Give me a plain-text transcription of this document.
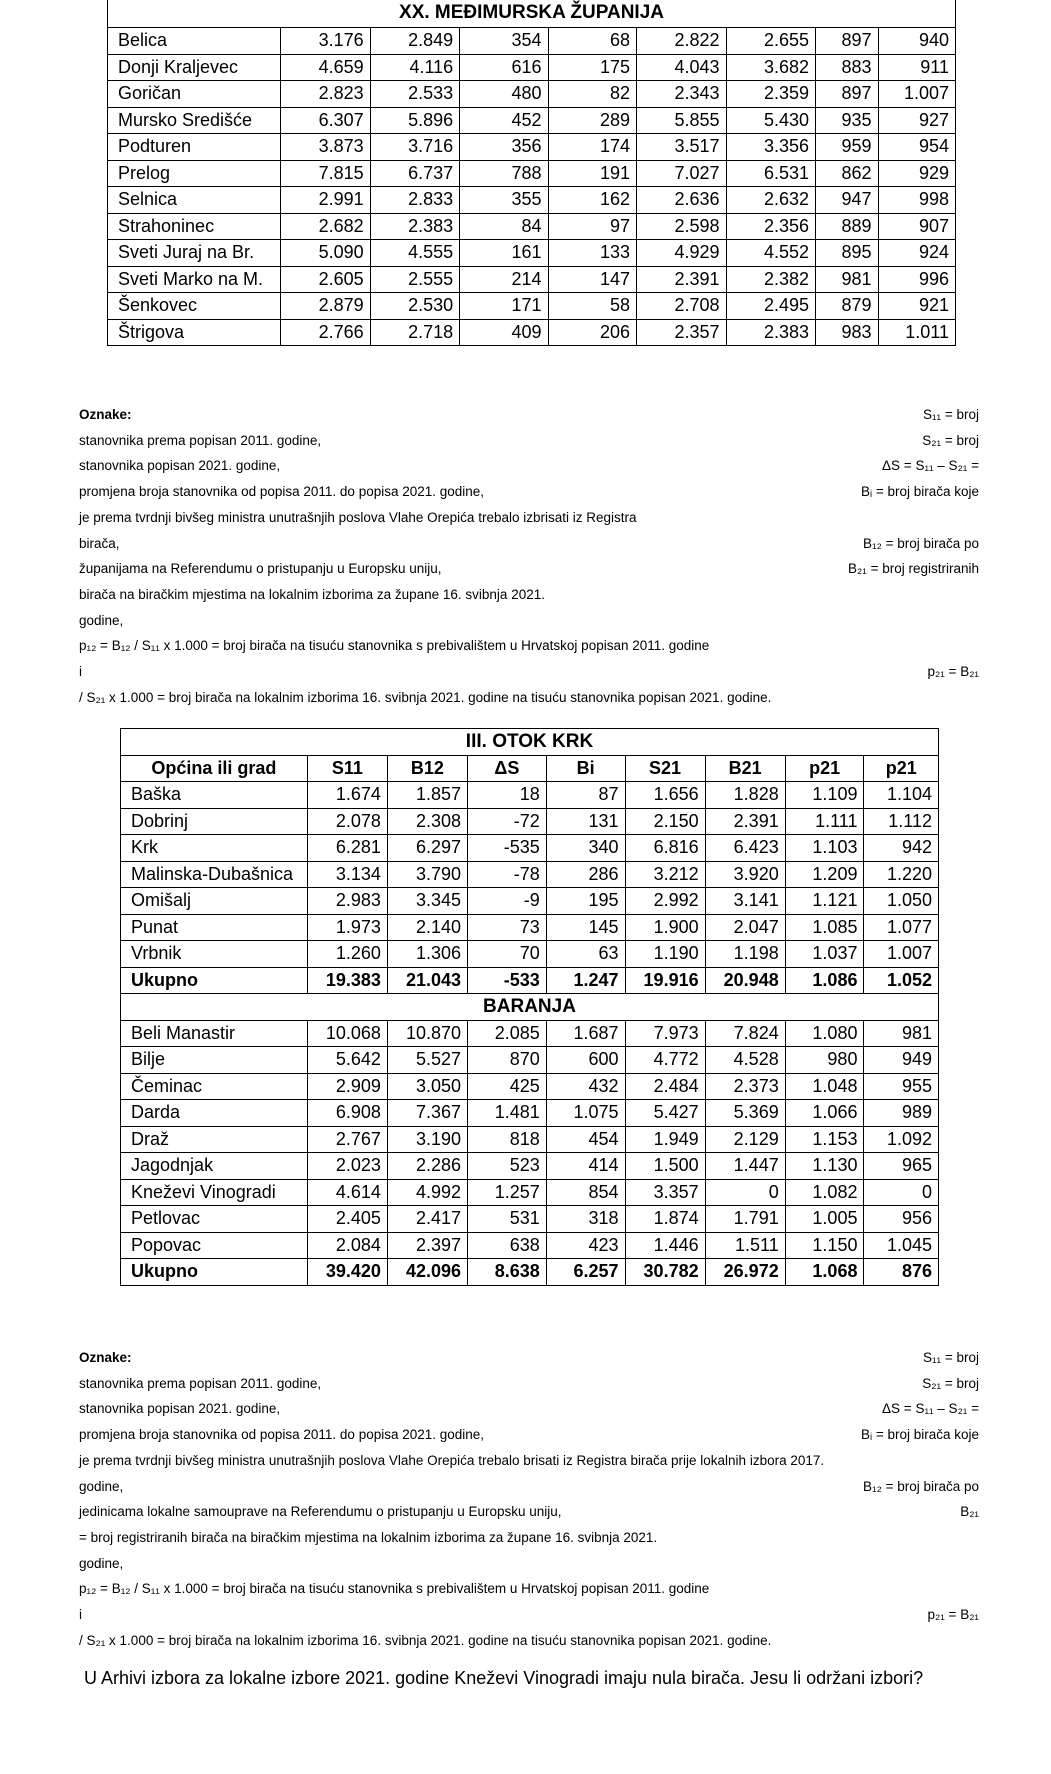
XX. MEĐIMURSKA ŽUPANIJA								
Belica	3.176	2.849	354	68	2.822	2.655	897	940
Donji Kraljevec	4.659	4.116	616	175	4.043	3.682	883	911
Goričan	2.823	2.533	480	82	2.343	2.359	897	1.007
Mursko Središće	6.307	5.896	452	289	5.855	5.430	935	927
Podturen	3.873	3.716	356	174	3.517	3.356	959	954
Prelog	7.815	6.737	788	191	7.027	6.531	862	929
Selnica	2.991	2.833	355	162	2.636	2.632	947	998
Strahoninec	2.682	2.383	84	97	2.598	2.356	889	907
Sveti Juraj na Br.	5.090	4.555	161	133	4.929	4.552	895	924
Sveti Marko na M.	2.605	2.555	214	147	2.391	2.382	981	996
Šenkovec	2.879	2.530	171	58	2.708	2.495	879	921
Štrigova	2.766	2.718	409	206	2.357	2.383	983	1.011
Oznake:	S₁₁ = broj
stanovnika prema popisan 2011. godine,	S₂₁ = broj
stanovnika popisan 2021. godine,	ΔS = S₁₁ – S₂₁ =
promjena broja stanovnika od popisa 2011. do popisa 2021. godine,	Bᵢ = broj birača koje
je prema tvrdnji bivšeg ministra unutrašnjih poslova Vlahe Orepića trebalo izbrisati iz Registra
birača,	B₁₂ = broj birača po
županijama na Referendumu o pristupanju u Europsku uniju,	B₂₁ = broj registriranih
birača na biračkim mjestima na lokalnim izborima za župane 16. svibnja 2021.
godine,
p₁₂ = B₁₂ / S₁₁ x 1.000 = broj birača na tisuću stanovnika s prebivalištem u Hrvatskoj popisan 2011. godine
i	p₂₁ = B₂₁
/ S₂₁ x 1.000 = broj birača na lokalnim izborima 16. svibnja 2021. godine na tisuću stanovnika popisan 2021. godine.
III. OTOK KRK								
Općina ili grad	S11	B12	ΔS	Bi	S21	B21	p21	p21
Baška	1.674	1.857	18	87	1.656	1.828	1.109	1.104
Dobrinj	2.078	2.308	-72	131	2.150	2.391	1.111	1.112
Krk	6.281	6.297	-535	340	6.816	6.423	1.103	942
Malinska-Dubašnica	3.134	3.790	-78	286	3.212	3.920	1.209	1.220
Omišalj	2.983	3.345	-9	195	2.992	3.141	1.121	1.050
Punat	1.973	2.140	73	145	1.900	2.047	1.085	1.077
Vrbnik	1.260	1.306	70	63	1.190	1.198	1.037	1.007
Ukupno	19.383	21.043	-533	1.247	19.916	20.948	1.086	1.052
BARANJA								
Beli Manastir	10.068	10.870	2.085	1.687	7.973	7.824	1.080	981
Bilje	5.642	5.527	870	600	4.772	4.528	980	949
Čeminac	2.909	3.050	425	432	2.484	2.373	1.048	955
Darda	6.908	7.367	1.481	1.075	5.427	5.369	1.066	989
Draž	2.767	3.190	818	454	1.949	2.129	1.153	1.092
Jagodnjak	2.023	2.286	523	414	1.500	1.447	1.130	965
Kneževi Vinogradi	4.614	4.992	1.257	854	3.357	0	1.082	0
Petlovac	2.405	2.417	531	318	1.874	1.791	1.005	956
Popovac	2.084	2.397	638	423	1.446	1.511	1.150	1.045
Ukupno	39.420	42.096	8.638	6.257	30.782	26.972	1.068	876
Oznake:	S₁₁ = broj
stanovnika prema popisan 2011. godine,	S₂₁ = broj
stanovnika popisan 2021. godine,	ΔS = S₁₁ – S₂₁ =
promjena broja stanovnika od popisa 2011. do popisa 2021. godine,	Bᵢ = broj birača koje
je prema tvrdnji bivšeg ministra unutrašnjih poslova Vlahe Orepića trebalo brisati iz Registra birača prije lokalnih izbora 2017.
godine,	B₁₂ = broj birača po
jedinicama lokalne samouprave na Referendumu o pristupanju u Europsku uniju,	B₂₁
= broj registriranih birača na biračkim mjestima na lokalnim izborima za župane 16. svibnja 2021.
godine,
p₁₂ = B₁₂ / S₁₁ x 1.000 = broj birača na tisuću stanovnika s prebivalištem u Hrvatskoj popisan 2011. godine
i	p₂₁ = B₂₁
/ S₂₁ x 1.000 = broj birača na lokalnim izborima 16. svibnja 2021. godine na tisuću stanovnika popisan 2021. godine.
U Arhivi izbora za lokalne izbore 2021. godine Kneževi Vinogradi imaju nula birača. Jesu li održani izbori?
